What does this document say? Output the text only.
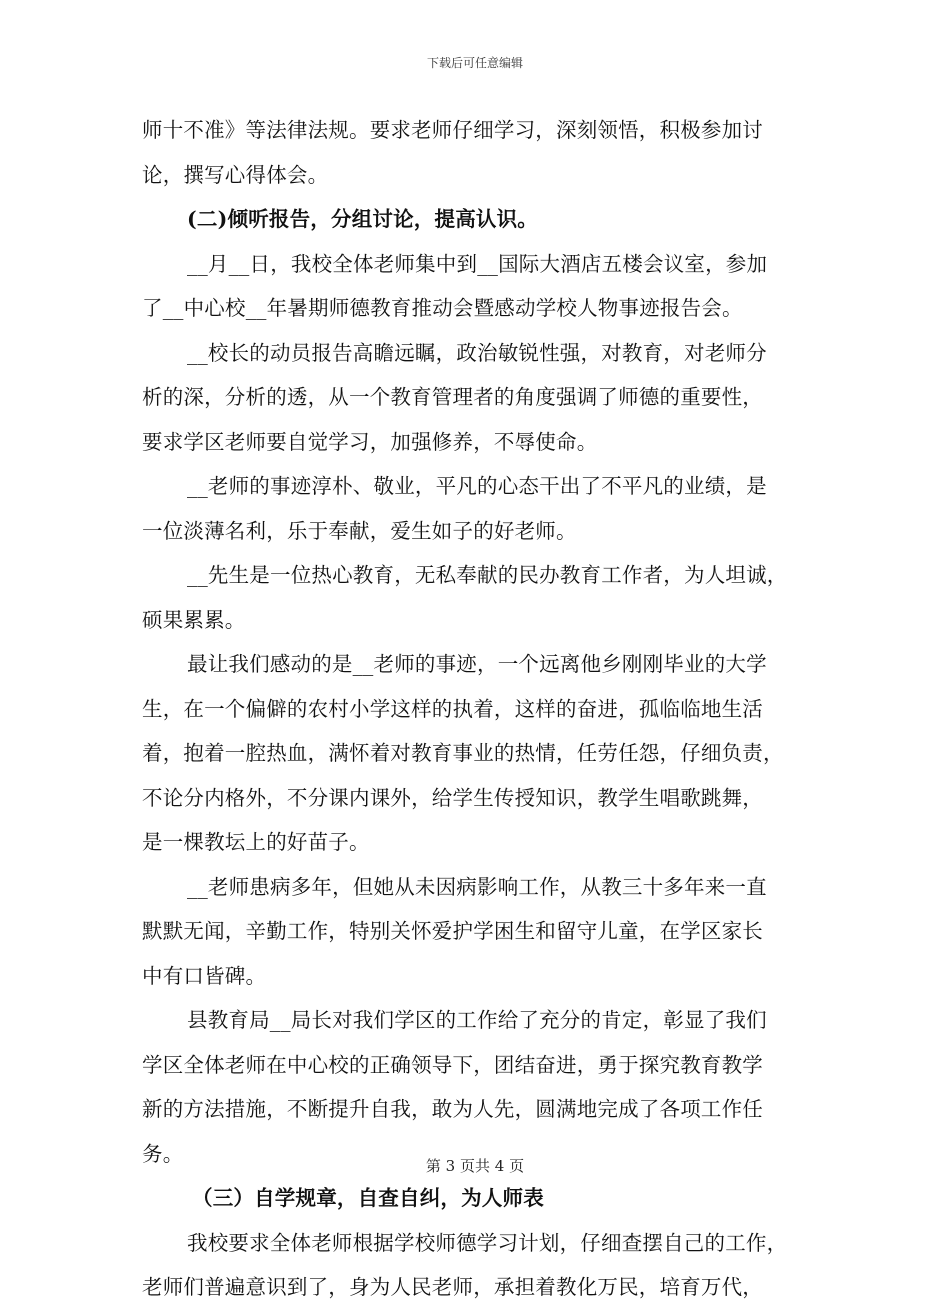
下载后可任意编辑
师十不准》等法律法规。要求老师仔细学习，深刻领悟，积极参加讨
论，撰写心得体会。
(二)倾听报告，分组讨论，提高认识。
__月__日，我校全体老师集中到__国际大酒店五楼会议室，参加
了__中心校__年暑期师德教育推动会暨感动学校人物事迹报告会。
__校长的动员报告高瞻远瞩，政治敏锐性强，对教育，对老师分
析的深，分析的透，从一个教育管理者的角度强调了师德的重要性，
要求学区老师要自觉学习，加强修养，不辱使命。
__老师的事迹淳朴、敬业，平凡的心态干出了不平凡的业绩，是
一位淡薄名利，乐于奉献，爱生如子的好老师。
__先生是一位热心教育，无私奉献的民办教育工作者，为人坦诚，
硕果累累。
最让我们感动的是__老师的事迹，一个远离他乡刚刚毕业的大学
生，在一个偏僻的农村小学这样的执着，这样的奋进，孤临临地生活
着，抱着一腔热血，满怀着对教育事业的热情，任劳任怨，仔细负责，
不论分内格外，不分课内课外，给学生传授知识，教学生唱歌跳舞，
是一棵教坛上的好苗子。
__老师患病多年，但她从未因病影响工作，从教三十多年来一直
默默无闻，辛勤工作，特别关怀爱护学困生和留守儿童，在学区家长
中有口皆碑。
县教育局__局长对我们学区的工作给了充分的肯定，彰显了我们
学区全体老师在中心校的正确领导下，团结奋进，勇于探究教育教学
新的方法措施，不断提升自我，敢为人先，圆满地完成了各项工作任
务。
（三）自学规章，自查自纠，为人师表
我校要求全体老师根据学校师德学习计划，仔细查摆自己的工作，
老师们普遍意识到了，身为人民老师，承担着教化万民，培育万代，
第 3 页共 4 页
